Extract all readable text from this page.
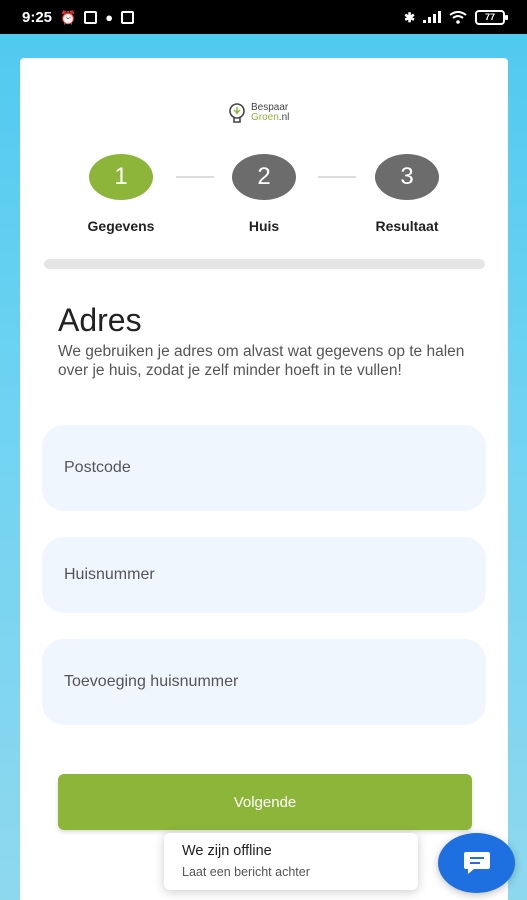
9:25 ⏰ ●	✱	77
Bespaar
Groen.nl
1
Gegevens
2
Huis
3
Resultaat
Adres

We gebruiken je adres om alvast wat gegevens op te halen over je huis, zodat je zelf minder hoeft in te vullen!

Postcode
Huisnummer
Toevoeging huisnummer
Volgende
We zijn offline
Laat een bericht achter
